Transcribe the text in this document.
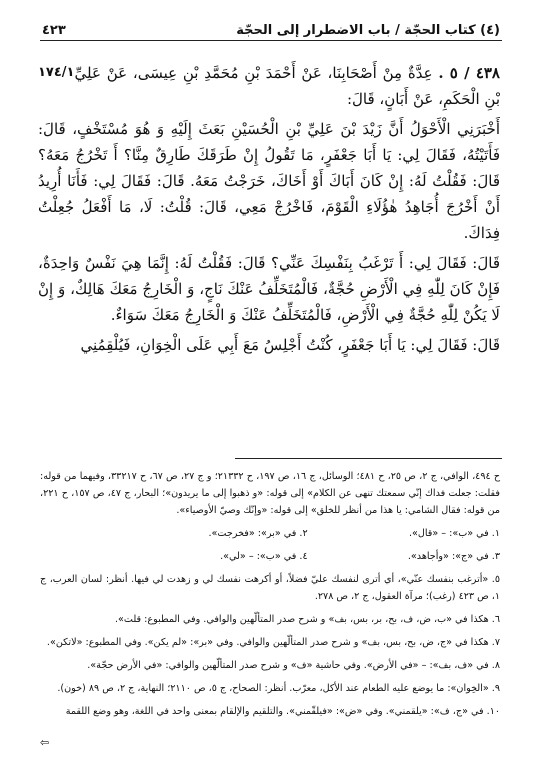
(٤) كتاب الحجّة / باب الاضطرار إلى الحجّة
٤٢٣

١٧٤/١	٤٣٨ / ٥ . عِدَّةٌ مِنْ أَصْحَابِنَا، عَنْ أَحْمَدَ بْنِ مُحَمَّدِ بْنِ عِيسَى، عَنْ عَلِيِّ بْنِ الْحَكَمِ، عَنْ أَبَانٍ، قَالَ:

أَخْبَرَنِي الْأَحْوَلُ أَنَّ زَيْدَ بْنَ عَلِيِّ بْنِ الْحُسَيْنِ بَعَثَ إِلَيْهِ وَ هُوَ مُسْتَخْفٍ، قَالَ: فَأَتَيْتُهُ، فَقَالَ لِي: يَا أَبَا جَعْفَرٍ، مَا تَقُولُ إِنْ طَرَقَكَ طَارِقٌ مِنَّا؟ أَ تَخْرُجُ مَعَهُ؟ قَالَ: فَقُلْتُ لَهُ: إِنْ كَانَ أَبَاكَ أَوْ أَخَاكَ، خَرَجْتُ مَعَهُ. قَالَ: فَقَالَ لِي: فَأَنَا أُرِيدُ أَنْ أَخْرُجَ أُجَاهِدُ هٰؤُلَاءِ الْقَوْمَ، فَاخْرُجْ مَعِي، قَالَ: قُلْتُ: لَا، مَا أَفْعَلُ جُعِلْتُ فِدَاكَ.

قَالَ: فَقَالَ لِي: أَ تَرْغَبُ بِنَفْسِكَ عَنِّي؟ قَالَ: فَقُلْتُ لَهُ: إِنَّمَا هِيَ نَفْسٌ وَاحِدَةٌ، فَإِنْ كَانَ لِلّٰهِ فِي الْأَرْضِ حُجَّةٌ، فَالْمُتَخَلِّفُ عَنْكَ نَاجٍ، وَ الْخَارِجُ مَعَكَ هَالِكٌ، وَ إِنْ لَا يَكُنْ لِلّٰهِ حُجَّةٌ فِي الْأَرْضِ، فَالْمُتَخَلِّفُ عَنْكَ وَ الْخَارِجُ مَعَكَ سَوَاءٌ.

قَالَ: فَقَالَ لِي: يَا أَبَا جَعْفَرٍ، كُنْتُ أَجْلِسُ مَعَ أَبِي عَلَى الْخِوَانِ، فَيُلْقِمُنِي

ح ٤٩٤، الوافي، ج ٢، ص ٢٥، ح ٤٨١؛ الوسائل، ج ١٦، ص ١٩٧، ح ٢١٣٣٢؛ و ج ٢٧، ص ٦٧، ح ٣٣٢١٧، وفيهما من قوله: فقلت: جعلت فداك إنّي سمعتك تنهى عن الكلام» إلى قوله: «و ذهبوا إلى ما يريدون»؛ البحار، ج ٤٧، ص ١٥٧، ح ٢٢١، من قوله: فقال الشامي: يا هذا من أنظر للخلق» إلى قوله: «وإنّك وصيّ الأوصياء».
١. في «ب»: – «قال».
٢. في «بر»: «فخرجت».
٣. في «ج»: «وأجاهد».
٤. في «ب»: – «لي».
٥. «أترغب بنفسك عنّي»، أي أترى لنفسك عليّ فضلاً، أو أكرهت نفسك لي و زهدت لي فيها. أنظر: لسان العرب، ج ١، ص ٤٢٣ (رغب)؛ مرآة العقول، ج ٢، ص ٢٧٨.
٦. هكذا في «ب، ض، ف، بح، بر، بس، بف» و شرح صدر المتألّهين والوافي. وفي المطبوع: قلت».
٧. هكذا في «ج، ض، بح، بس، بف» و شرح صدر المتألّهين والوافي. وفي «بر»: «لم يكن». وفي المطبوع: «لاتكن».
٨. في «ف، بف»: – «في الأرض». وفي حاشية «ف» و شرح صدر المتألّهين والوافي: «في الأرض حجّة».
٩. «الخِوان»: ما يوضع عليه الطعام عند الأكل، معرّب. أنظر: الصحاح، ج ٥، ص ٢١١٠؛ النهاية، ج ٢، ص ٨٩ (خون).
١٠. في «ج، ف»: «يلقمني». وفي «ض»: «فيلقّمني». والتلقيم والإلقام بمعنى واحد في اللغة، وهو وضع اللقمة
⇦
